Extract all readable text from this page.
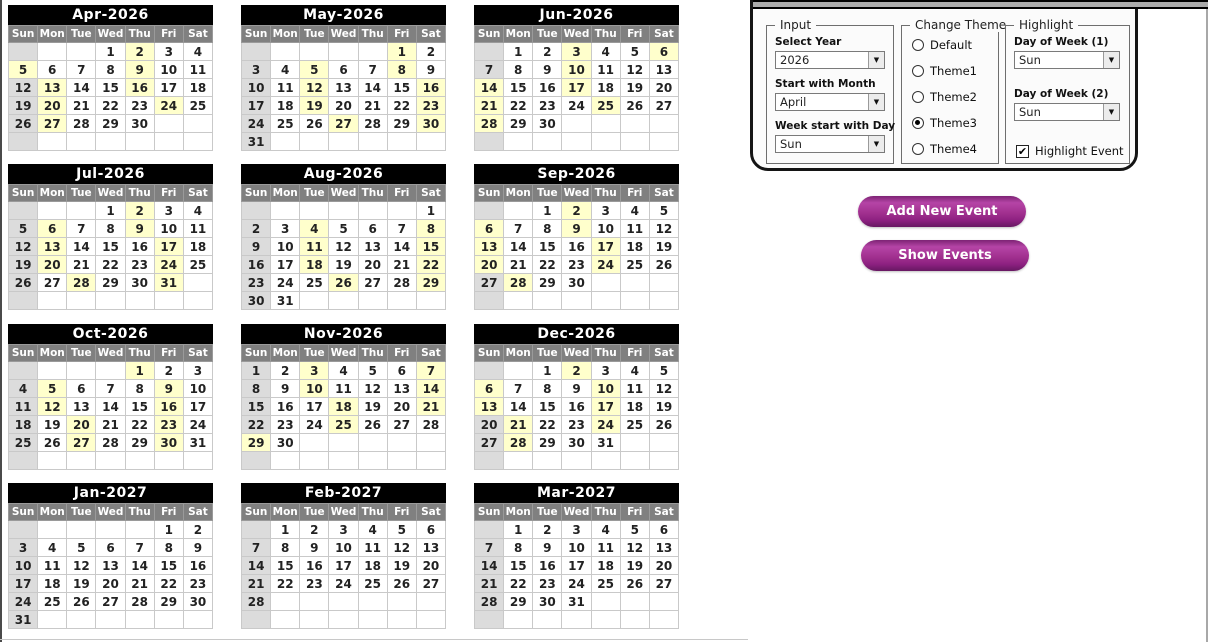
Apr-2026
Sun	Mon	Tue	Wed	Thu	Fri	Sat
			1	2	3	4
5	6	7	8	9	10	11
12	13	14	15	16	17	18
19	20	21	22	23	24	25
26	27	28	29	30		

May-2026
Sun	Mon	Tue	Wed	Thu	Fri	Sat
					1	2
3	4	5	6	7	8	9
10	11	12	13	14	15	16
17	18	19	20	21	22	23
24	25	26	27	28	29	30
31						
Jun-2026
Sun	Mon	Tue	Wed	Thu	Fri	Sat
	1	2	3	4	5	6
7	8	9	10	11	12	13
14	15	16	17	18	19	20
21	22	23	24	25	26	27
28	29	30				

Jul-2026
Sun	Mon	Tue	Wed	Thu	Fri	Sat
			1	2	3	4
5	6	7	8	9	10	11
12	13	14	15	16	17	18
19	20	21	22	23	24	25
26	27	28	29	30	31	

Aug-2026
Sun	Mon	Tue	Wed	Thu	Fri	Sat
						1
2	3	4	5	6	7	8
9	10	11	12	13	14	15
16	17	18	19	20	21	22
23	24	25	26	27	28	29
30	31					
Sep-2026
Sun	Mon	Tue	Wed	Thu	Fri	Sat
		1	2	3	4	5
6	7	8	9	10	11	12
13	14	15	16	17	18	19
20	21	22	23	24	25	26
27	28	29	30			

Oct-2026
Sun	Mon	Tue	Wed	Thu	Fri	Sat
				1	2	3
4	5	6	7	8	9	10
11	12	13	14	15	16	17
18	19	20	21	22	23	24
25	26	27	28	29	30	31

Nov-2026
Sun	Mon	Tue	Wed	Thu	Fri	Sat
1	2	3	4	5	6	7
8	9	10	11	12	13	14
15	16	17	18	19	20	21
22	23	24	25	26	27	28
29	30					

Dec-2026
Sun	Mon	Tue	Wed	Thu	Fri	Sat
		1	2	3	4	5
6	7	8	9	10	11	12
13	14	15	16	17	18	19
20	21	22	23	24	25	26
27	28	29	30	31		

Jan-2027
Sun	Mon	Tue	Wed	Thu	Fri	Sat
					1	2
3	4	5	6	7	8	9
10	11	12	13	14	15	16
17	18	19	20	21	22	23
24	25	26	27	28	29	30
31						
Feb-2027
Sun	Mon	Tue	Wed	Thu	Fri	Sat
	1	2	3	4	5	6
7	8	9	10	11	12	13
14	15	16	17	18	19	20
21	22	23	24	25	26	27
28						

Mar-2027
Sun	Mon	Tue	Wed	Thu	Fri	Sat
	1	2	3	4	5	6
7	8	9	10	11	12	13
14	15	16	17	18	19	20
21	22	23	24	25	26	27
28	29	30	31			

Input
Select Year
2026	▼
Start with Month
April	▼
Week start with Day
Sun	▼
Change Theme
Default
Theme1
Theme2
Theme3
Theme4
Highlight
Day of Week (1)
Sun	▼
Day of Week (2)
Sun	▼
✔ Highlight Event
Add New Event
Show Events
